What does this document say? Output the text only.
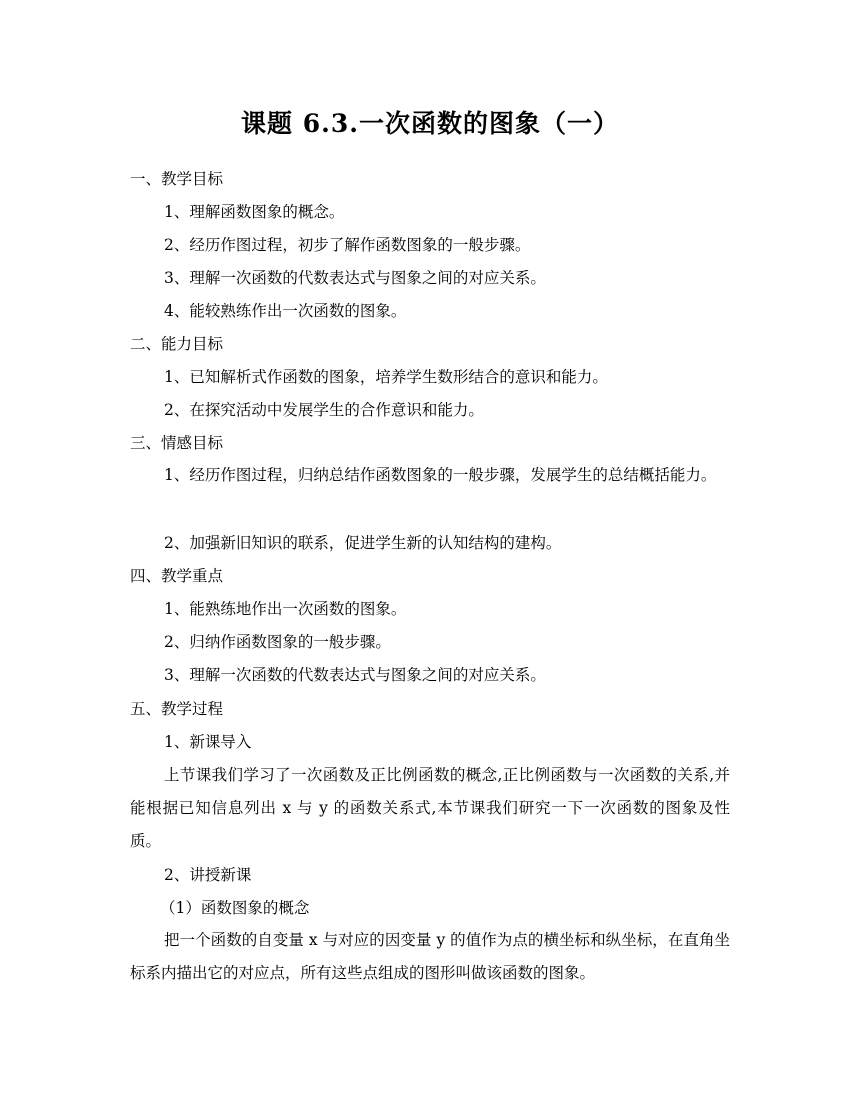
课题 6.3.一次函数的图象（一）
一、教学目标
1、理解函数图象的概念。
2、经历作图过程，初步了解作函数图象的一般步骤。
3、理解一次函数的代数表达式与图象之间的对应关系。
4、能较熟练作出一次函数的图象。
二、能力目标
1、已知解析式作函数的图象，培养学生数形结合的意识和能力。
2、在探究活动中发展学生的合作意识和能力。
三、情感目标
1、经历作图过程，归纳总结作函数图象的一般步骤，发展学生的总结概括能力。
2、加强新旧知识的联系，促进学生新的认知结构的建构。
四、教学重点
1、能熟练地作出一次函数的图象。
2、归纳作函数图象的一般步骤。
3、理解一次函数的代数表达式与图象之间的对应关系。
五、教学过程
1、新课导入
上节课我们学习了一次函数及正比例函数的概念,正比例函数与一次函数的关系,并能根据已知信息列出 x 与 y 的函数关系式,本节课我们研究一下一次函数的图象及性质。
2、讲授新课
（1）函数图象的概念
把一个函数的自变量 x 与对应的因变量 y 的值作为点的横坐标和纵坐标，在直角坐标系内描出它的对应点，所有这些点组成的图形叫做该函数的图象。
